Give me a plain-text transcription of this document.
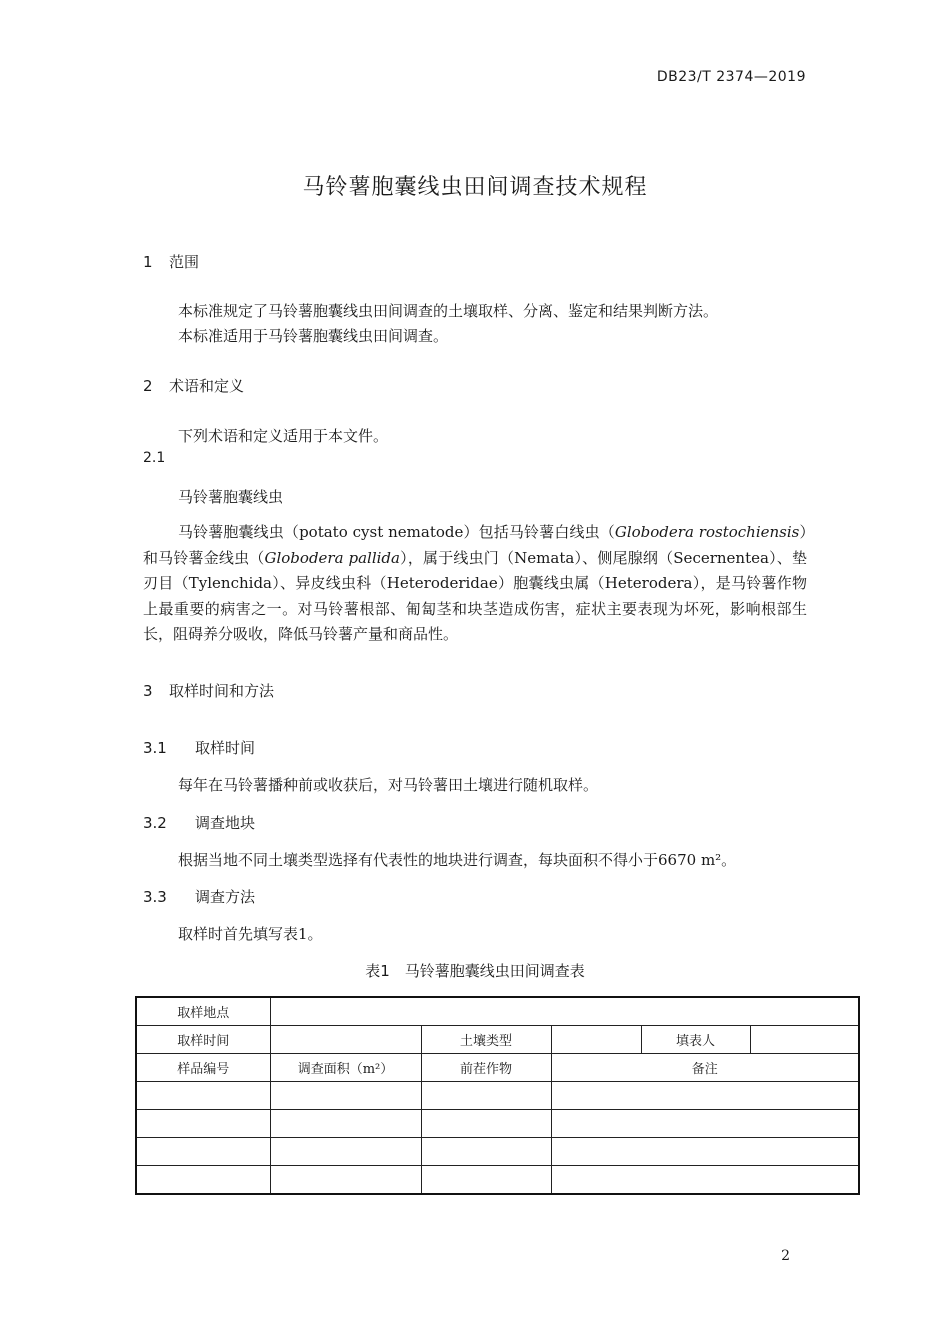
DB23/T 2374—2019
马铃薯胞囊线虫田间调查技术规程
1 范围
本标准规定了马铃薯胞囊线虫田间调查的土壤取样、分离、鉴定和结果判断方法。
本标准适用于马铃薯胞囊线虫田间调查。
2 术语和定义
下列术语和定义适用于本文件。
2.1
马铃薯胞囊线虫

马铃薯胞囊线虫（potato cyst nematode）包括马铃薯白线虫（Globodera rostochiensis）和马铃薯金线虫（Globodera pallida），属于线虫门（Nemata）、侧尾腺纲（Secernentea）、垫刃目（Tylenchida）、异皮线虫科（Heteroderidae）胞囊线虫属（Heterodera），是马铃薯作物上最重要的病害之一。对马铃薯根部、匍匐茎和块茎造成伤害，症状主要表现为坏死，影响根部生长，阻碍养分吸收，降低马铃薯产量和商品性。

3 取样时间和方法
3.1 取样时间
每年在马铃薯播种前或收获后，对马铃薯田土壤进行随机取样。
3.2 调查地块
根据当地不同土壤类型选择有代表性的地块进行调查，每块面积不得小于6670 m²。
3.3 调查方法
取样时首先填写表1。
表1　马铃薯胞囊线虫田间调查表
取样地点					
取样时间		土壤类型		填表人	
样品编号	调查面积（m²）	前茬作物	备注		

2
